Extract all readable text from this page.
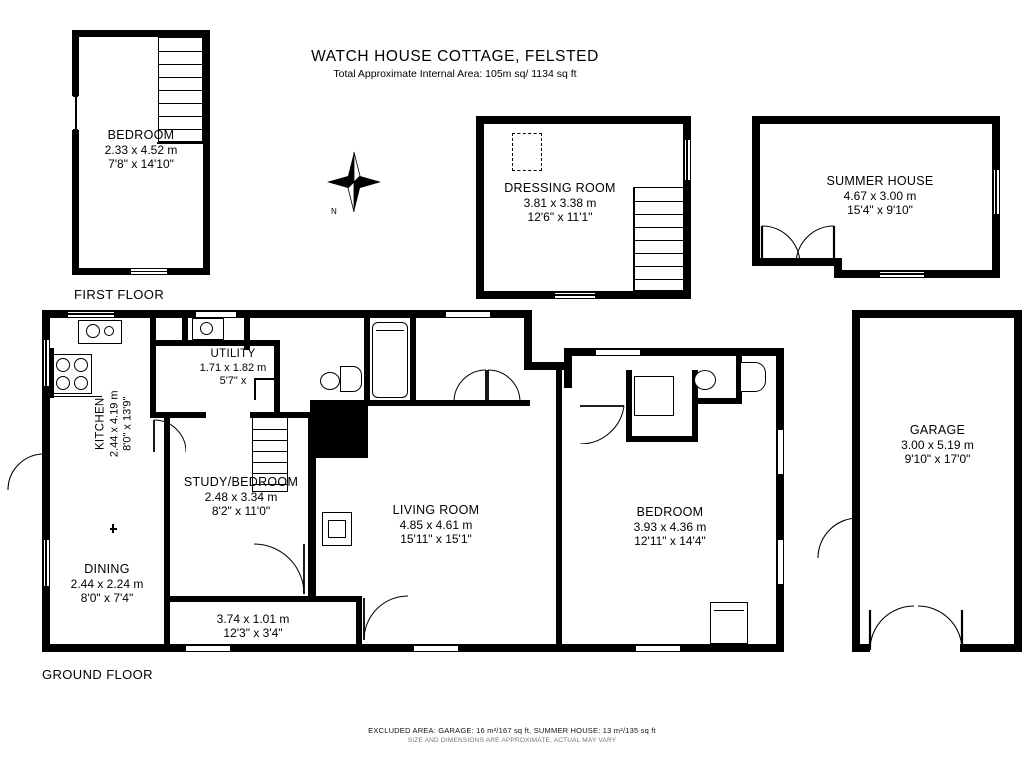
WATCH HOUSE COTTAGE, FELSTED
Total Approximate Internal Area: 105m sq/ 1134 sq ft
BEDROOM
2.33 x 4.52 m
7'8" x 14'10"
FIRST FLOOR
N
DRESSING ROOM
3.81 x 3.38 m
12'6" x 11'1"
SUMMER HOUSE
4.67 x 3.00 m
15'4" x 9'10"
GARAGE
3.00 x 5.19 m
9'10" x 17'0"
UTILITY
1.71 x 1.82 m
5'7" x
KITCHEN 2.44 x 4.19 m 8'0" x 13'9"
STUDY/BEDROOM
2.48 x 3.34 m
8'2" x 11'0"	LIVING ROOM
4.85 x 4.61 m
15'11" x 15'1"
BEDROOM
3.93 x 4.36 m
12'11" x 14'4"
DINING
2.44 x 2.24 m
8'0" x 7'4"
3.74 x 1.01 m
12'3" x 3'4"
GROUND FLOOR
EXCLUDED AREA: GARAGE: 16 m²/167 sq ft, SUMMER HOUSE: 13 m²/135 sq ft
SIZE AND DIMENSIONS ARE APPROXIMATE, ACTUAL MAY VARY
